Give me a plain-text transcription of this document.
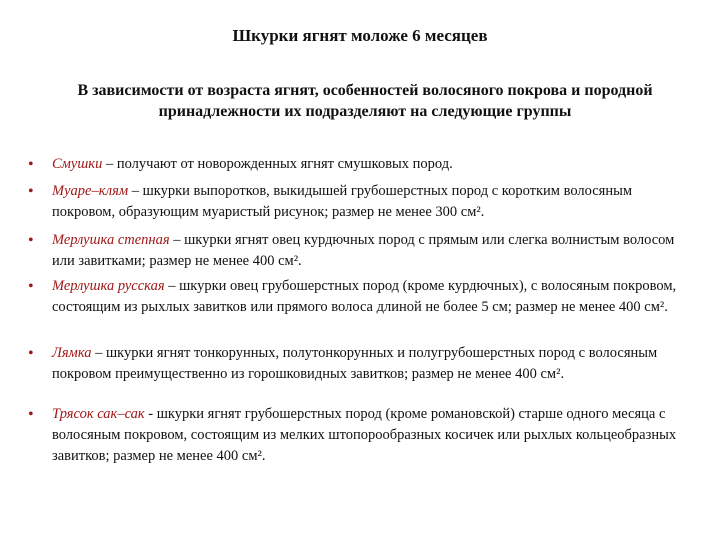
Шкурки ягнят моложе 6 месяцев
В зависимости от возраста ягнят, особенностей волосяного покрова и породной принадлежности их подразделяют на следующие группы
• Смушки – получают от новорожденных ягнят смушковых пород.
• Муаре–клям – шкурки выпоротков, выкидышей грубошерстных пород с коротким волосяным покровом, образующим муаристый рисунок; размер не менее 300 см².
• Мерлушка степная – шкурки ягнят овец курдючных пород с прямым или слегка волнистым волосом или завитками; размер не менее 400 см².
• Мерлушка русская – шкурки овец грубошерстных пород (кроме курдючных), с волосяным покровом, состоящим из рыхлых завитков или прямого волоса длиной не более 5 см; размер не менее 400 см².
• Лямка – шкурки ягнят тонкорунных, полутонкорунных и полугрубошерстных пород с волосяным покровом преимущественно из горошковидных завитков; размер не менее 400 см².
• Трясок сак–сак - шкурки ягнят грубошерстных пород (кроме романовской) старше одного месяца с волосяным покровом, состоящим из мелких штопорообразных косичек или рыхлых кольцеобразных завитков; размер не менее 400 см².
